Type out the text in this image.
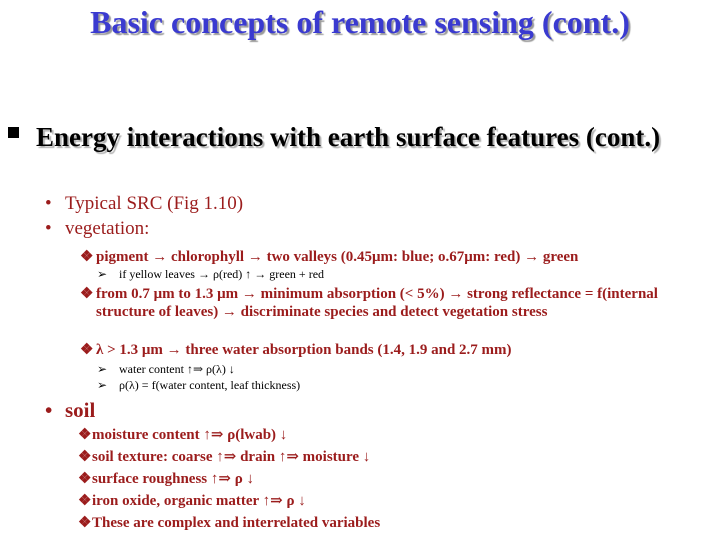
Basic concepts of remote sensing (cont.)
Energy interactions with earth surface features (cont.)
• Typical SRC (Fig 1.10)
• vegetation:
❖ pigment → chlorophyll → two valleys (0.45μm: blue; o.67μm: red) → green
➢ if yellow leaves → ρ(red) ↑ → green + red
❖ from 0.7 μm to 1.3 μm → minimum absorption (< 5%) → strong reflectance = f(internal structure of leaves) → discriminate species and detect vegetation stress
❖ λ > 1.3 μm → three water absorption bands (1.4, 1.9 and 2.7 mm)
➢ water content ↑⇒ ρ(λ) ↓
➢ ρ(λ) = f(water content, leaf thickness)
• soil
❖moisture content ↑⇒ ρ(lwab) ↓
❖soil texture: coarse ↑⇒ drain ↑⇒ moisture ↓
❖surface roughness ↑⇒ ρ ↓
❖iron oxide, organic matter ↑⇒ ρ ↓
❖These are complex and interrelated variables
